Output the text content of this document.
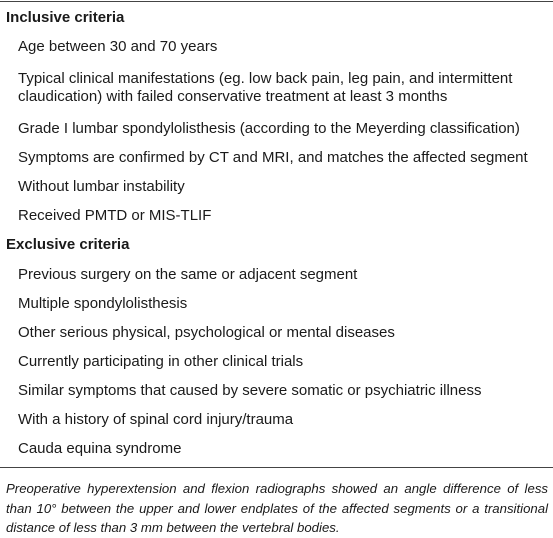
Inclusive criteria
Age between 30 and 70 years
Typical clinical manifestations (eg. low back pain, leg pain, and intermittent claudication) with failed conservative treatment at least 3 months
Grade I lumbar spondylolisthesis (according to the Meyerding classification)
Symptoms are confirmed by CT and MRI, and matches the affected segment
Without lumbar instability
Received PMTD or MIS-TLIF
Exclusive criteria
Previous surgery on the same or adjacent segment
Multiple spondylolisthesis
Other serious physical, psychological or mental diseases
Currently participating in other clinical trials
Similar symptoms that caused by severe somatic or psychiatric illness
With a history of spinal cord injury/trauma
Cauda equina syndrome
Preoperative hyperextension and flexion radiographs showed an angle difference of less than 10° between the upper and lower endplates of the affected segments or a transitional distance of less than 3 mm between the vertebral bodies.
